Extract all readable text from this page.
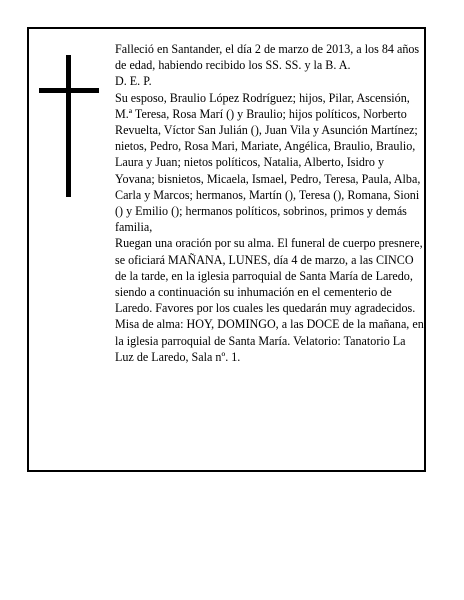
Falleció en Santander, el día 2 de marzo de 2013, a los 84 años de edad, habiendo recibido los SS. SS. y la B. A.

D. E. P.

Su esposo, Braulio López Rodríguez; hijos, Pilar, Ascensión, M.ª Teresa, Rosa Marí () y Braulio; hijos políticos, Norberto Revuelta, Víctor San Julián (), Juan Vila y Asunción Martínez; nietos, Pedro, Rosa Mari, Mariate, Angélica, Braulio, Braulio, Laura y Juan; nietos políticos, Natalia, Alberto, Isidro y Yovana; bisnietos, Micaela, Ismael, Pedro, Teresa, Paula, Alba, Carla y Marcos; hermanos, Martín (), Teresa (), Romana, Sioni () y Emilio (); hermanos políticos, sobrinos, primos y demás familia,

Ruegan una oración por su alma. El funeral de cuerpo presnere, se oficiará MAÑANA, LUNES, día 4 de marzo, a las CINCO de la tarde, en la iglesia parroquial de Santa María de Laredo, siendo a continuación su inhumación en el cementerio de Laredo. Favores por los cuales les quedarán muy agradecidos. Misa de alma: HOY, DOMINGO, a las DOCE de la mañana, en la iglesia parroquial de Santa María. Velatorio: Tanatorio La Luz de Laredo, Sala nº. 1.
